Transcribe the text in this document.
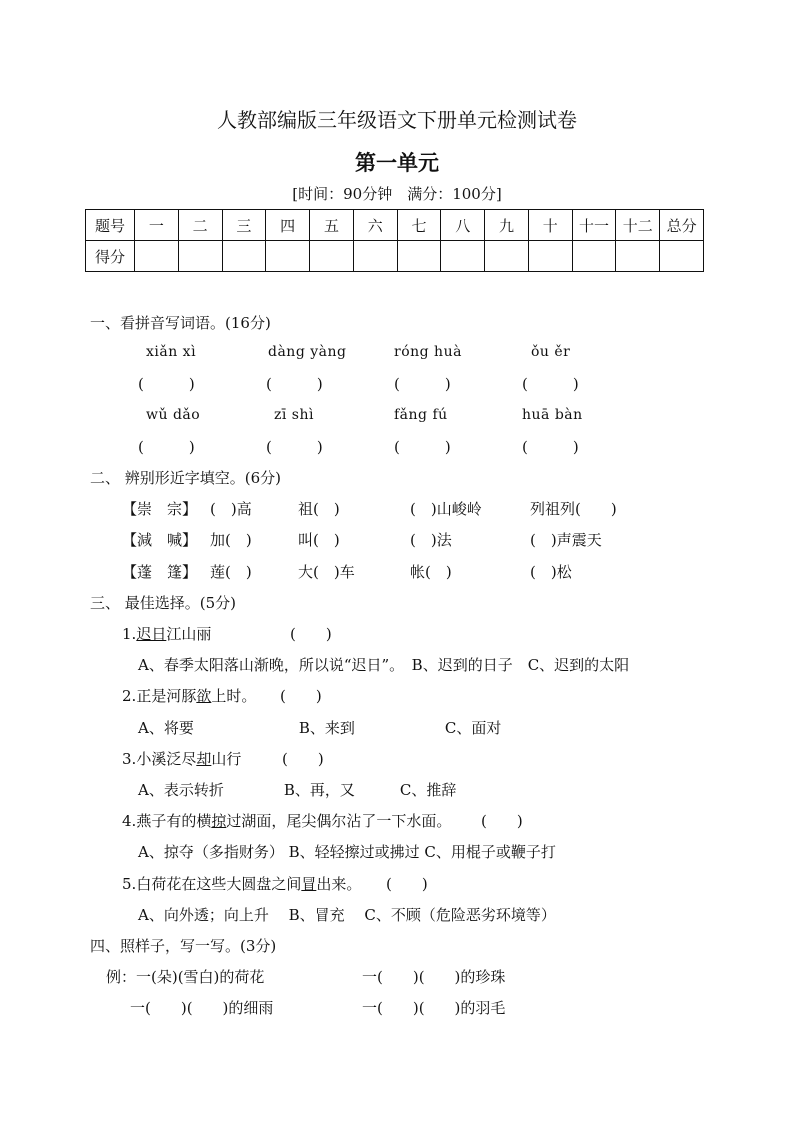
人教部编版三年级语文下册单元检测试卷
第一单元
[时间：90分钟　满分：100分]
题号	一	二	三	四	五	六	七	八	九	十	十一	十二	总分
得分													
一、看拼音写词语。(16分)
xiǎn xì	dàng yàng	róng huà	ǒu ěr
(　　　)	(　　　)	(　　　)	(　　　)
wǔ dǎo	zī shì	fǎng fú	huā bàn
(　　　)	(　　　)	(　　　)	(　　　)
二、 辨别形近字填空。(6分)
【崇　宗】 (　)高	祖(　)	(　)山峻岭	列祖列(　　)
【減　喊】 加(　)	叫(　)	(　)法	(　)声震天
【蓬　篷】 莲(　)	大(　)车	帐(　)	(　)松
三、 最佳选择。(5分)
1.迟日江山丽	(　　)
A、春季太阳落山渐晚，所以说“迟日”。　B、迟到的日子　C、迟到的太阳
2.正是河豚欲上时。 (　　)
A、将要　　　　　　　B、来到　　　　　　C、面对
3.小溪泛尽却山行	(　　)
A、表示转折　　　　B、再，又　　　C、推辞
4.燕子有的横掠过湖面，尾尖偶尔沾了一下水面。 (　　)
A、掠夺（多指财务） B、轻轻擦过或拂过 C、用棍子或鞭子打
5.白荷花在这些大圆盘之间冒出来。 (　　)
A、向外透；向上升　 B、冒充　 C、不顾（危险恶劣环境等）
四、照样子，写一写。(3分)
例：一(朵)(雪白)的荷花	一(　　)(　　)的珍珠
一(　　)(　　)的细雨	一(　　)(　　)的羽毛
